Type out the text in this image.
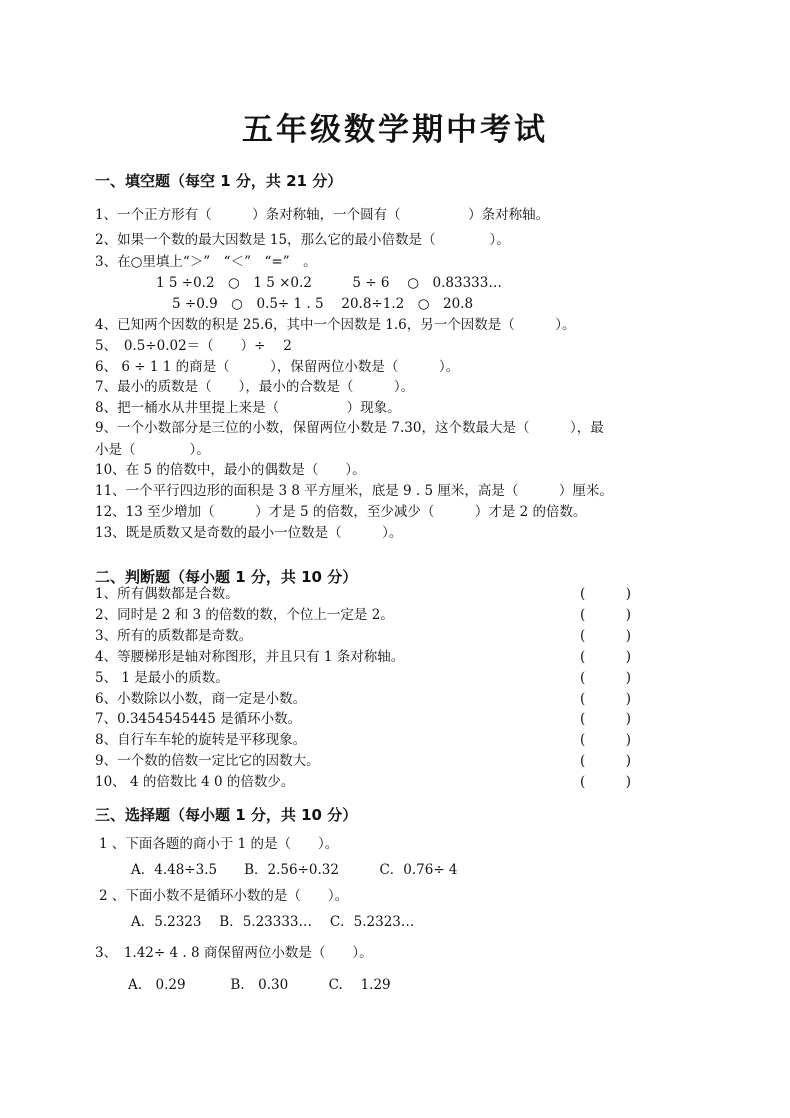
五年级数学期中考试
一、填空题（每空 1 分，共 21 分）
1、一个正方形有（　　　）条对称轴，一个圆有（　　　　　）条对称轴。
2、如果一个数的最大因数是 15，那么它的最小倍数是（　　　　）。
3、在○里填上“＞”　“＜”　“=”　。
1 5 ÷0.2　○　1 5 ×0.2　　　5 ÷ 6　 ○　0.83333…
5 ÷0.9　○　0.5÷ 1 . 5　 20.8÷1.2　○　20.8
4、已知两个因数的积是 25.6，其中一个因数是 1.6，另一个因数是（　　　）。
5、　0.5÷0.02＝（　　）÷　 2
6、 6 ÷ 1 1 的商是（　　　），保留两位小数是（　　　）。
7、最小的质数是（　　），最小的合数是（　　　）。
8、把一桶水从井里提上来是（　　　　　）现象。
9、一个小数部分是三位的小数，保留两位小数是 7.30，这个数最大是（　　　），最
小是（　　　　）。
10、在 5 的倍数中，最小的偶数是（　　）。
11、一个平行四边形的面积是 3 8 平方厘米，底是 9 . 5 厘米，高是（　　　）厘米。
12、13 至少增加（　　　）才是 5 的倍数，至少减少（　　　）才是 2 的倍数。
13、既是质数又是奇数的最小一位数是（　　　）。
二、判断题（每小题 1 分，共 10 分）
1、所有偶数都是合数。	(　　　)
2、同时是 2 和 3 的倍数的数，个位上一定是 2。	(　　　)
3、所有的质数都是奇数。	(　　　)
4、等腰梯形是轴对称图形，并且只有 1 条对称轴。	(　　　)
5、 1 是最小的质数。	(　　　)
6、小数除以小数，商一定是小数。	(　　　)
7、0.3454545445 是循环小数。	(　　　)
8、自行车车轮的旋转是平移现象。	(　　　)
9、一个数的倍数一定比它的因数大。	(　　　)
10、 4 的倍数比 4 0 的倍数少。	(　　　)
三、选择题（每小题 1 分，共 10 分）
1 、下面各题的商小于 1 的是（　　）。
A．4.48÷3.5　　B．2.56÷0.32　　　C．0.76÷ 4
2 、下面小数不是循环小数的是（　　）。
A．5.2323　 B．5.23333…　 C．5.2323…
3、　1.42÷ 4 . 8 商保留两位小数是（　　）。
A.　0.29　　　 B.　0.30　　　C.　 1.29
